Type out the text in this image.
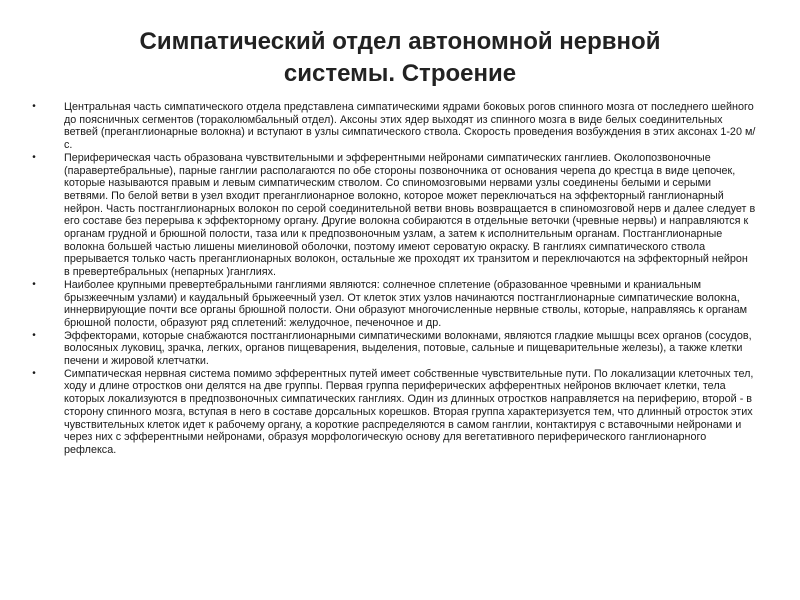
Симпатический отдел автономной нервной
системы. Строение
•	Центральная часть симпатического отдела представлена симпатическими ядрами боковых рогов спинного мозга от последнего шейного до поясничных сегментов (тораколюмбальный отдел). Аксоны этих ядер выходят из спинного мозга в виде белых соединительных ветвей (преганглионарные волокна) и вступают в узлы симпатического ствола. Скорость проведения возбуждения в этих аксонах 1-20 м/с.
•	Периферическая часть образована чувствительными и эфферентными нейронами симпатических ганглиев. Околопозвоночные (паравертебральные), парные ганглии располагаются по обе стороны позвоночника от основания черепа до крестца в виде цепочек, которые называются правым и левым симпатическим стволом. Со спиномозговыми нервами узлы соединены белыми и серыми ветвями. По белой ветви в узел входит преганглионарное волокно, которое может переключаться на эффекторный ганглионарный нейрон. Часть постганглионарных волокон по серой соединительной ветви вновь возвращается в спиномозговой нерв и далее следует в его составе без перерыва к эффекторному органу. Другие волокна собираются в отдельные веточки (чревные нервы) и направляются к органам грудной и брюшной полости, таза или к предпозвоночным узлам, а затем к исполнительным органам. Постганглионарные волокна большей частью лишены миелиновой оболочки, поэтому имеют сероватую окраску. В ганглиях симпатического ствола прерывается только часть преганглионарных волокон, остальные же проходят их транзитом и переключаются на эффекторный нейрон в превертебральных (непарных )ганглиях.
•	Наиболее крупными превертебральными ганглиями являются: солнечное сплетение (образованное чревными и краниальным брызжеечным узлами) и каудальный брыжеечный узел. От клеток этих узлов начинаются постганглионарные симпатические волокна, иннервирующие почти все органы брюшной полости. Они образуют многочисленные нервные стволы, которые, направляясь к органам брюшной полости, образуют ряд сплетений: желудочное, печеночное и др.
•	Эффекторами, которые снабжаются постганглионарными симпатическими волокнами, являются гладкие мышцы всех органов (сосудов, волосяных луковиц, зрачка, легких, органов пищеварения, выделения, потовые, сальные и пищеварительные железы), а также клетки печени и жировой клетчатки.
•	Симпатическая нервная система помимо эфферентных путей имеет собственные чувствительные пути. По локализации клеточных тел, ходу и длине отростков они делятся на две группы. Первая группа периферических афферентных нейронов включает клетки, тела которых локализуются в предпозвоночных симпатических ганглиях. Один из длинных отростков направляется на периферию, второй - в сторону спинного мозга, вступая в него в составе дорсальных корешков. Вторая группа характеризуется тем, что длинный отросток этих чувствительных клеток идет к рабочему органу, а короткие распределяются в самом ганглии, контактируя с вставочными нейронами и через них с эфферентными нейронами, образуя морфологическую основу для вегетативного периферического ганглионарного рефлекса.
